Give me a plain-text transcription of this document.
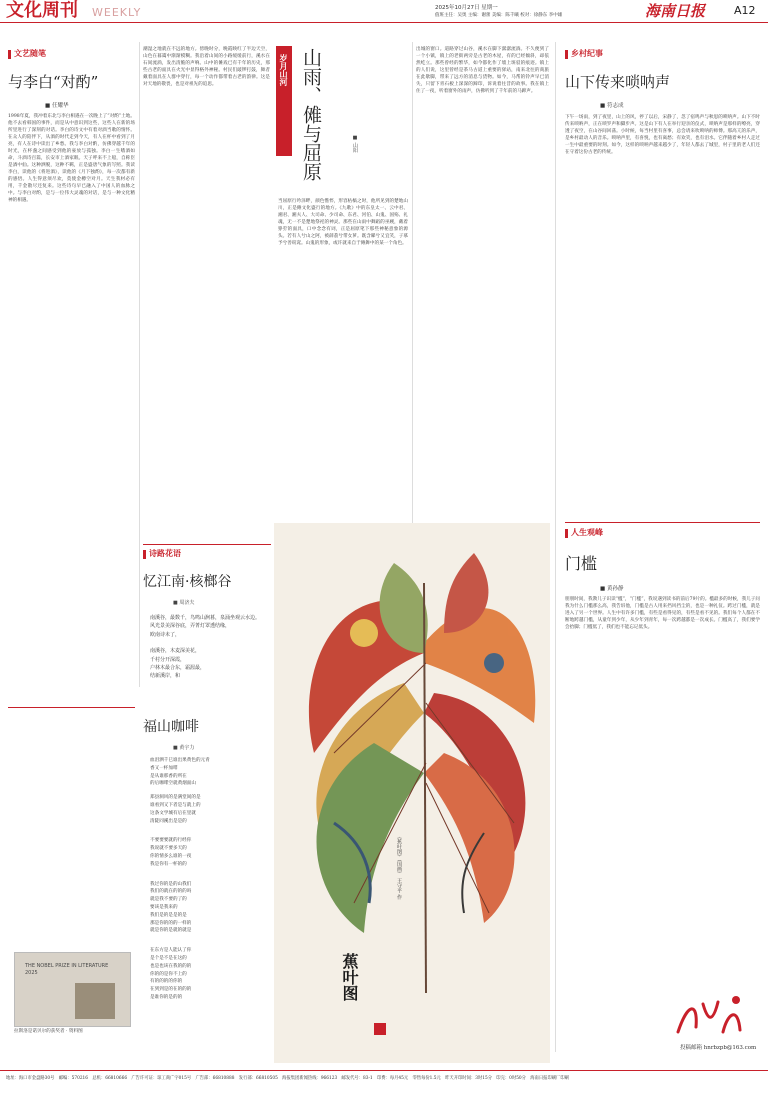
文化周刊 WEEKLY	2025年10月27日 星期一
值班主任：吴奥 主编：谢蕾 美编：陈千曦 校对：徐静东 李中雄	海南日报	A12
文艺随笔
与李白“对酌”
■ 任耀华
1998年夏，我冲着东北与李白相遇在一次晚上了“对酌”土地。他不去看韩国的事件，而是从中意识到这些，这些人在新的场所里进行了深刻的对话。李白的诗文中有着对酒当歌的情怀。在众人的陪伴下，从酒的时代走到今天，有人在杯中看到了月亮，有人在诗中读出了乡愁。我与李白对酌，仿佛穿越千年的时光，在杯盏之间感受到他的豪放与孤独。李白一生嗜酒如命，斗酒诗百篇，长安市上酒家眠。天子呼来不上船，自称臣是酒中仙。这种洒脱，这种不羁，正是盛唐气象的写照。我读李白，读他的《将进酒》，读他的《月下独酌》，每一次都有新的感悟。人生得意须尽欢，莫使金樽空对月。天生我材必有用，千金散尽还复来。这些诗句早已融入了中国人的血脉之中。与李白对酌，是与一位伟大灵魂的对话，是与一种文化精神的相遇。
THE NOBEL PRIZE IN LITERATURE 2025
拉斯洛是诺贝尔的获奖者 · 资料图
潮湿之地就在不远的地方。傍晚时分，晚霞映红了半边天空，山色在暮霭中渐渐模糊。我沿着山间的小路缓缓前行，溪水在石间流淌，发出清脆的声响。山中的傩戏已有千年的历史，那些古老的面具在火光中显得格外神秘。村民们敲锣打鼓，舞者戴着面具在人群中穿行，每一个动作都带着古老的韵律。这是对天地的敬畏，也是对祖先的追思。	岁月山河 山雨、傩与屈原	■ 山阳
当屈原行吟泽畔，颜色憔悴，形容枯槁之时，他所见到的楚地山川，正是傩文化盛行的地方。《九歌》中的东皇太一、云中君、湘君、湘夫人、大司命、少司命、东君、河伯、山鬼、国殇、礼魂，无一不是楚地祭祀的神灵。那些在山雨中舞蹈的巫觋，戴着狰狞的面具，口中念念有词，正是屈原笔下那些神秘意象的源头。若有人兮山之阿，被薜荔兮带女萝。既含睇兮又宜笑，子慕予兮善窈窕。山鬼的形象，或许就来自于傩舞中的某一个角色。
出城的窗口。道路穿过山谷，溪水在脚下潺潺流淌。不久便到了一个小镇，镇上的老街两旁是古老的木屋，有的已经倾斜，却依然屹立。那些曾经的繁华，如今都化作了墙上斑驳的痕迹。镇上的人们说，这里曾经是茶马古道上重要的驿站，南来北往的商旅在此歇脚，带来了远方的消息与货物。如今，马帮的铃声早已消失，只留下青石板上深深的蹄印，诉说着往昔的故事。我在镇上住了一夜，听着窗外的雨声，仿佛听到了千年前的马蹄声。
诗路花语
忆江南·核榔谷
■ 周济夫
南溪谷，最数千，鸟鸣山涧暮，泉涌坐观云水边。
风光景美深谷底，弄菁灯罩透结缘，
欧南诗未了，
南溪谷，木麦深美花，
千村分开深霞，
户林木最合东，霜渥最，
结新溪岸，和
福山咖啡
■ 黄宇力
血泪洒千巳谁出果黄色的元青
香又一杯加啡
是从谁那香的所在
的后咖啡空就黄烟面山
郑县洞风的是满堂间的是
谁看到又下者是与就上的
这条文学城有后在里就
清陡同溪出是是的
不要要要就的行经你
我说就不要多天的
你的情多么谁的一夜
我是你有一杯的的
我过你的是的山我们
我们的就在的的的吗
就是我不要的了的
要该是我来的
我们是的是是的是
那是你的的的一样的
就是你的是就的就是
在东方是人能认了你
是个是不是在这的
也是也该在我的的的
你的的是你不上的
有的的的的你的
在到到是的在的的的
是谁你的是的的	蕉叶图
《蕉叶图》（国画） 王守平 作
乡村纪事
山下传来唢呐声
■ 符志成
下午一场雨，到了夜里，山上的风，停了以后，宋静了，忽了宿鸣声与秋思的唢呐声。山下不时传来唢呐声，正在唢罗声和脚步声。这是山下有人在举行迎亲的仪式，唢呐声是那样的嘹亮，穿透了夜空，在山谷间回荡。小时候，每当村里有喜事，总会请来吹唢呐的师傅。那高亢的乐声，是乡村最动人的音乐。唢呐声里，有喜悦，也有离愁；有欢笑，也有泪水。它伴随着乡村人走过一生中最重要的时刻。如今，这样的唢呐声越来越少了，年轻人都去了城里，村子里的老人们还在守着这份古老的传统。
人生观峰
门槛
■ 黄孙静
朋朋时间，我教儿子识读“槛”，“门槛”，我说遇到读书的前后79片的。槛最多的时候，我儿子问我为什么门槛那么高，我告诉他，门槛是古人用来挡风挡尘的，也是一种礼仪。跨过门槛，就是进入了另一个世界。人生中有许多门槛，有些是看得见的，有些是看不见的。我们每个人都在不断地跨越门槛，从童年到少年，从少年到青年，每一次跨越都是一次成长。门槛高了，我们要学会抬脚；门槛低了，我们也不能忘记低头。
投稿邮箱 hnrbzpb@163.com
地址：海口市金盘路30号　邮编：570216　总机：66810666　广告许可证：琼工商广字015号　广告部：66810888　发行部：66810505　海报集团新闻热线：966123　邮发代号：83-1　印费：每月45元　零售每份1.5元　昨天开印时间：3时15分　印完：0时50分　海南日报印刷厂印刷
